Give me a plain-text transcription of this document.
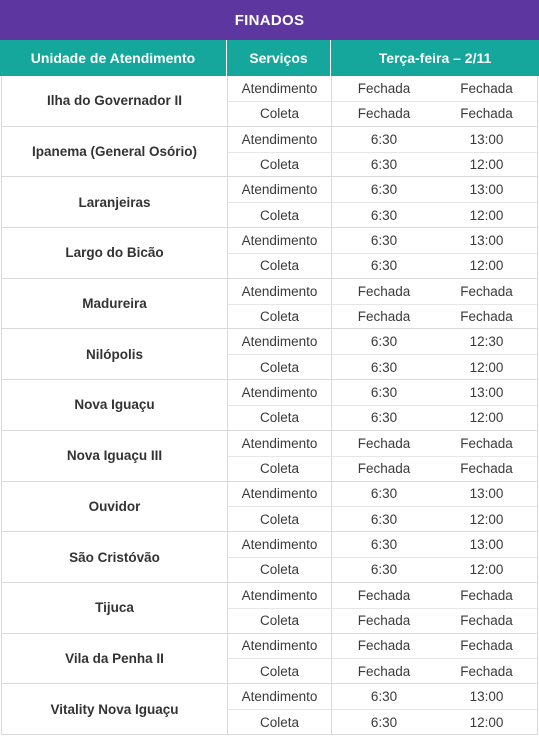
FINADOS
Unidade de Atendimento	Serviços	Terça-feira – 2/11
Ilha do Governador II
Atendimento	Fechada	Fechada
Coleta	Fechada	Fechada
Ipanema (General Osório)
Atendimento	6:30	13:00
Coleta	6:30	12:00
Laranjeiras
Atendimento	6:30	13:00
Coleta	6:30	12:00
Largo do Bicão
Atendimento	6:30	13:00
Coleta	6:30	12:00
Madureira
Atendimento	Fechada	Fechada
Coleta	Fechada	Fechada
Nilópolis
Atendimento	6:30	12:30
Coleta	6:30	12:00
Nova Iguaçu
Atendimento	6:30	13:00
Coleta	6:30	12:00
Nova Iguaçu III
Atendimento	Fechada	Fechada
Coleta	Fechada	Fechada
Ouvidor
Atendimento	6:30	13:00
Coleta	6:30	12:00
São Cristóvão
Atendimento	6:30	13:00
Coleta	6:30	12:00
Tijuca
Atendimento	Fechada	Fechada
Coleta	Fechada	Fechada
Vila da Penha II
Atendimento	Fechada	Fechada
Coleta	Fechada	Fechada
Vitality Nova Iguaçu
Atendimento	6:30	13:00
Coleta	6:30	12:00
